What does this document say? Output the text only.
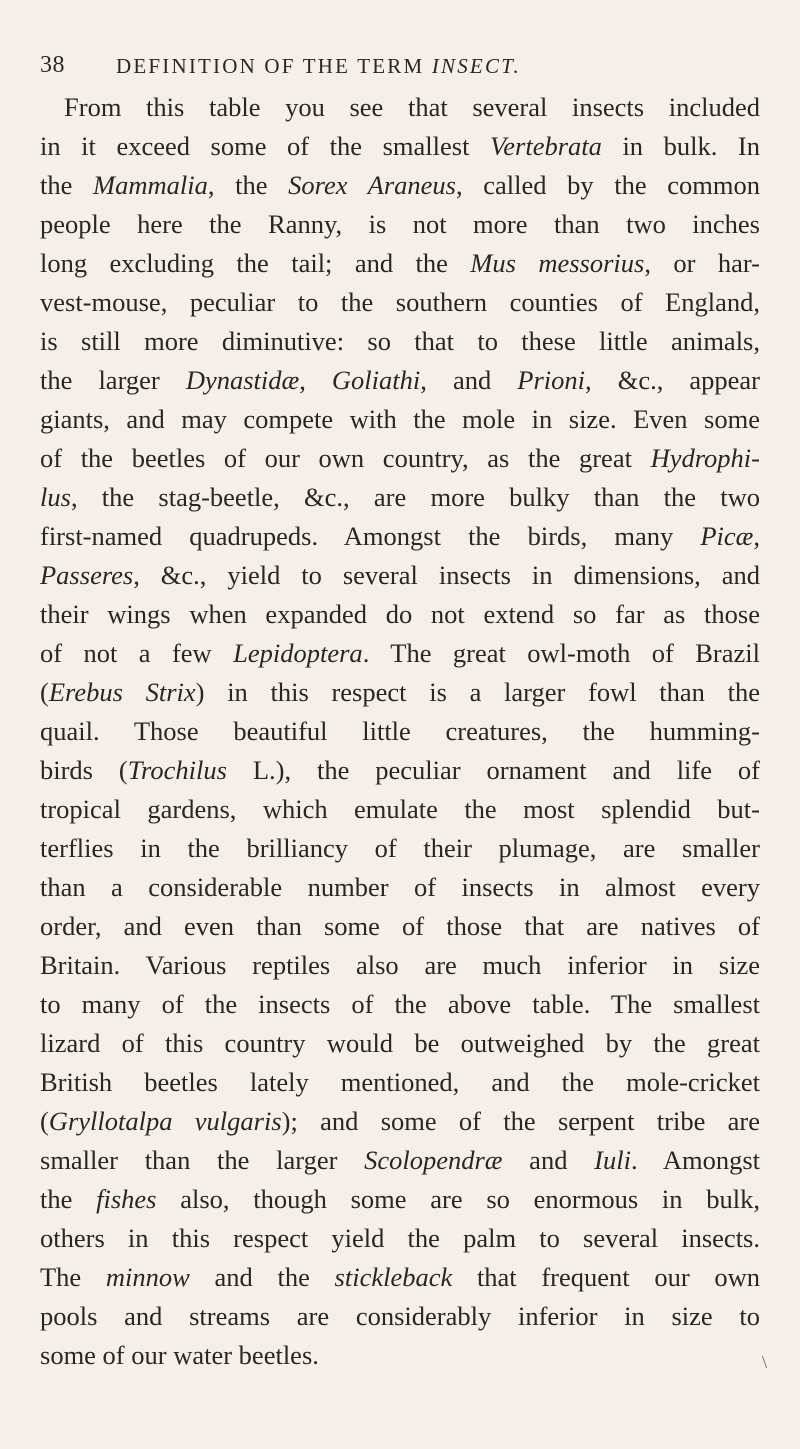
38 DEFINITION OF THE TERM INSECT.
From this table you see that several insects included
in it exceed some of the smallest Vertebrata in bulk. In
the Mammalia, the Sorex Araneus, called by the common
people here the Ranny, is not more than two inches
long excluding the tail; and the Mus messorius, or har-
vest-mouse, peculiar to the southern counties of England,
is still more diminutive: so that to these little animals,
the larger Dynastidæ, Goliathi, and Prioni, &c., appear
giants, and may compete with the mole in size. Even some
of the beetles of our own country, as the great Hydrophi-
lus, the stag-beetle, &c., are more bulky than the two
first-named quadrupeds. Amongst the birds, many Picæ,
Passeres, &c., yield to several insects in dimensions, and
their wings when expanded do not extend so far as those
of not a few Lepidoptera. The great owl-moth of Brazil
(Erebus Strix) in this respect is a larger fowl than the
quail. Those beautiful little creatures, the humming-
birds (Trochilus L.), the peculiar ornament and life of
tropical gardens, which emulate the most splendid but-
terflies in the brilliancy of their plumage, are smaller
than a considerable number of insects in almost every
order, and even than some of those that are natives of
Britain. Various reptiles also are much inferior in size
to many of the insects of the above table. The smallest
lizard of this country would be outweighed by the great
British beetles lately mentioned, and the mole-cricket
(Gryllotalpa vulgaris); and some of the serpent tribe are
smaller than the larger Scolopendræ and Iuli. Amongst
the fishes also, though some are so enormous in bulk,
others in this respect yield the palm to several insects.
The minnow and the stickleback that frequent our own
pools and streams are considerably inferior in size to
some of our water beetles.	\
